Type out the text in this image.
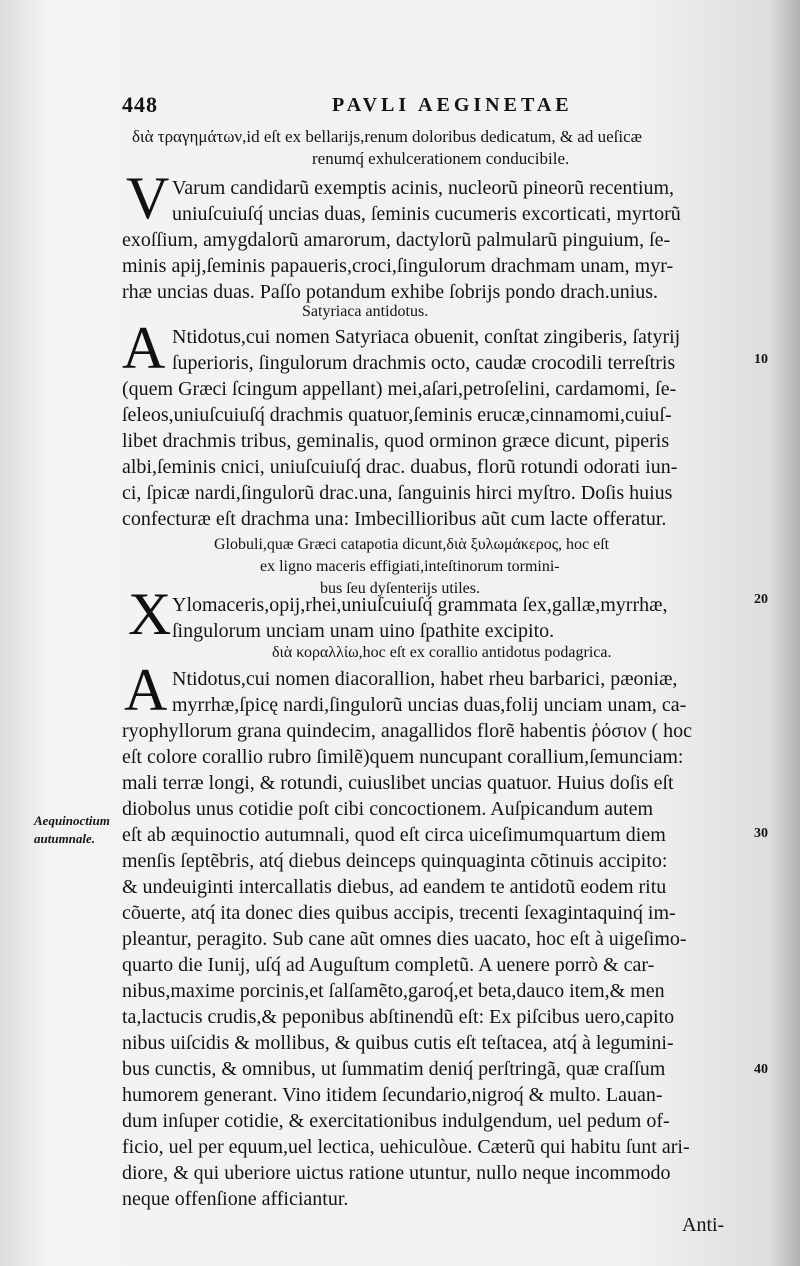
448	PAVLI AEGINETAE
διὰ τραγημάτων,id eſt ex bellarijs,renum doloribus dedicatum, & ad ueſicæ
renumq́ exhulcerationem conducibile.
V Varum candidarũ exemptis acinis, nucleorũ pineorũ recentium,
uniuſcuiuſq́ uncias duas, ſeminis cucumeris excorticati, myrtorũ
exoſſium, amygdalorũ amarorum, dactylorũ palmularũ pinguium, ſe-
minis apij,ſeminis papaueris,croci,ſingulorum drachmam unam, myr-
rhæ uncias duas. Paſſo potandum exhibe ſobrijs pondo drach.unius.
Satyriaca antidotus.
A Ntidotus,cui nomen Satyriaca obuenit, conſtat zingiberis, ſatyrij
ſuperioris, ſingulorum drachmis octo, caudæ crocodili terreſtris
(quem Græci ſcingum appellant) mei,aſari,petroſelini, cardamomi, ſe-
ſeleos,uniuſcuiuſq́ drachmis quatuor,ſeminis erucæ,cinnamomi,cuiuſ-
libet drachmis tribus, geminalis, quod orminon græce dicunt, piperis
albi,ſeminis cnici, uniuſcuiuſq́ drac. duabus, florũ rotundi odorati iun-
ci, ſpicæ nardi,ſingulorũ drac.una, ſanguinis hirci myſtro. Doſis huius
confecturæ eſt drachma una: Imbecillioribus aũt cum lacte offeratur.
Globuli,quæ Græci catapotia dicunt,διὰ ξυλωμάκερος, hoc eſt
ex ligno maceris effigiati,inteſtinorum tormini-
bus ſeu dyſenterijs utiles.
X Ylomaceris,opij,rhei,uniuſcuiuſq́ grammata ſex,gallæ,myrrhæ,
ſingulorum unciam unam uino ſpathite excipito.
διὰ κοραλλίω,hoc eſt ex corallio antidotus podagrica.
A Ntidotus,cui nomen diacorallion, habet rheu barbarici, pæoniæ,
myrrhæ,ſpicę nardi,ſingulorũ uncias duas,folij unciam unam, ca-
ryophyllorum grana quindecim, anagallidos florẽ habentis ῥόσιον ( hoc
eſt colore corallio rubro ſimilẽ)quem nuncupant corallium,ſemunciam:
mali terræ longi, & rotundi, cuiuslibet uncias quatuor. Huius doſis eſt
diobolus unus cotidie poſt cibi concoctionem. Auſpicandum autem
eſt ab æquinoctio autumnali, quod eſt circa uiceſimumquartum diem
menſis ſeptẽbris, atq́ diebus deinceps quinquaginta cõtinuis accipito:
& undeuiginti intercallatis diebus, ad eandem te antidotũ eodem ritu
cõuerte, atq́ ita donec dies quibus accipis, trecenti ſexagintaquinq́ im-
pleantur, peragito. Sub cane aũt omnes dies uacato, hoc eſt à uigeſimo-
quarto die Iunij, uſq́ ad Auguſtum completũ. A uenere porrò & car-
nibus,maxime porcinis,et ſalſamẽto,garoq́,et beta,dauco item,& men
ta,lactucis crudis,& peponibus abſtinendũ eſt: Ex piſcibus uero,capito
nibus uiſcidis & mollibus, & quibus cutis eſt teſtacea, atq́ à legumini-
bus cunctis, & omnibus, ut ſummatim deniq́ perſtringã, quæ craſſum
humorem generant. Vino itidem ſecundario,nigroq́ & multo. Lauan-
dum inſuper cotidie, & exercitationibus indulgendum, uel pedum of-
ficio, uel per equum,uel lectica, uehiculòue. Cæterũ qui habitu ſunt ari-
diore, & qui uberiore uictus ratione utuntur, nullo neque incommodo
neque offenſione afficiantur.
Anti-
Aequinoctium
autumnale.
10
20
30
40
